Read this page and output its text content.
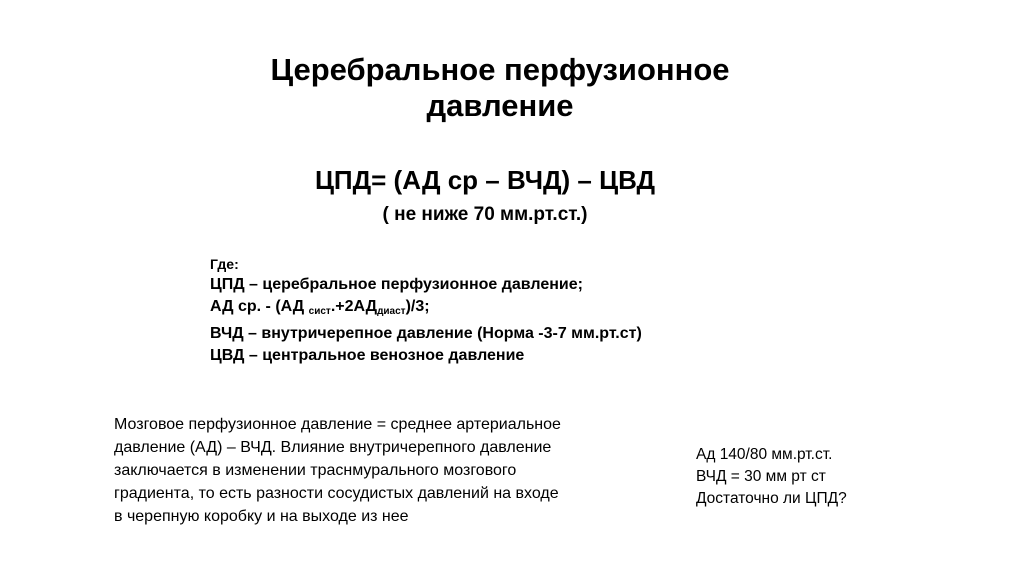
Церебральное перфузионное
давление
ЦПД= (АД ср – ВЧД) – ЦВД
( не ниже 70 мм.рт.ст.)
Где:
ЦПД – церебральное перфузионное давление;
АД ср. - (АД $_{сист}.+2АД_{диаст})/3$;
ВЧД – внутричерепное давление (Норма -3-7 мм.рт.ст)
ЦВД – центральное венозное давление
Мозговое перфузионное давление = среднее артериальное
давление (АД) – ВЧД. Влияние внутричерепного давление
заключается в изменении траснмурального мозгового
градиента, то есть разности сосудистых давлений на входе
в черепную коробку и на выходе из нее
Ад 140/80 мм.рт.ст.
ВЧД = 30 мм рт ст
Достаточно ли ЦПД?
